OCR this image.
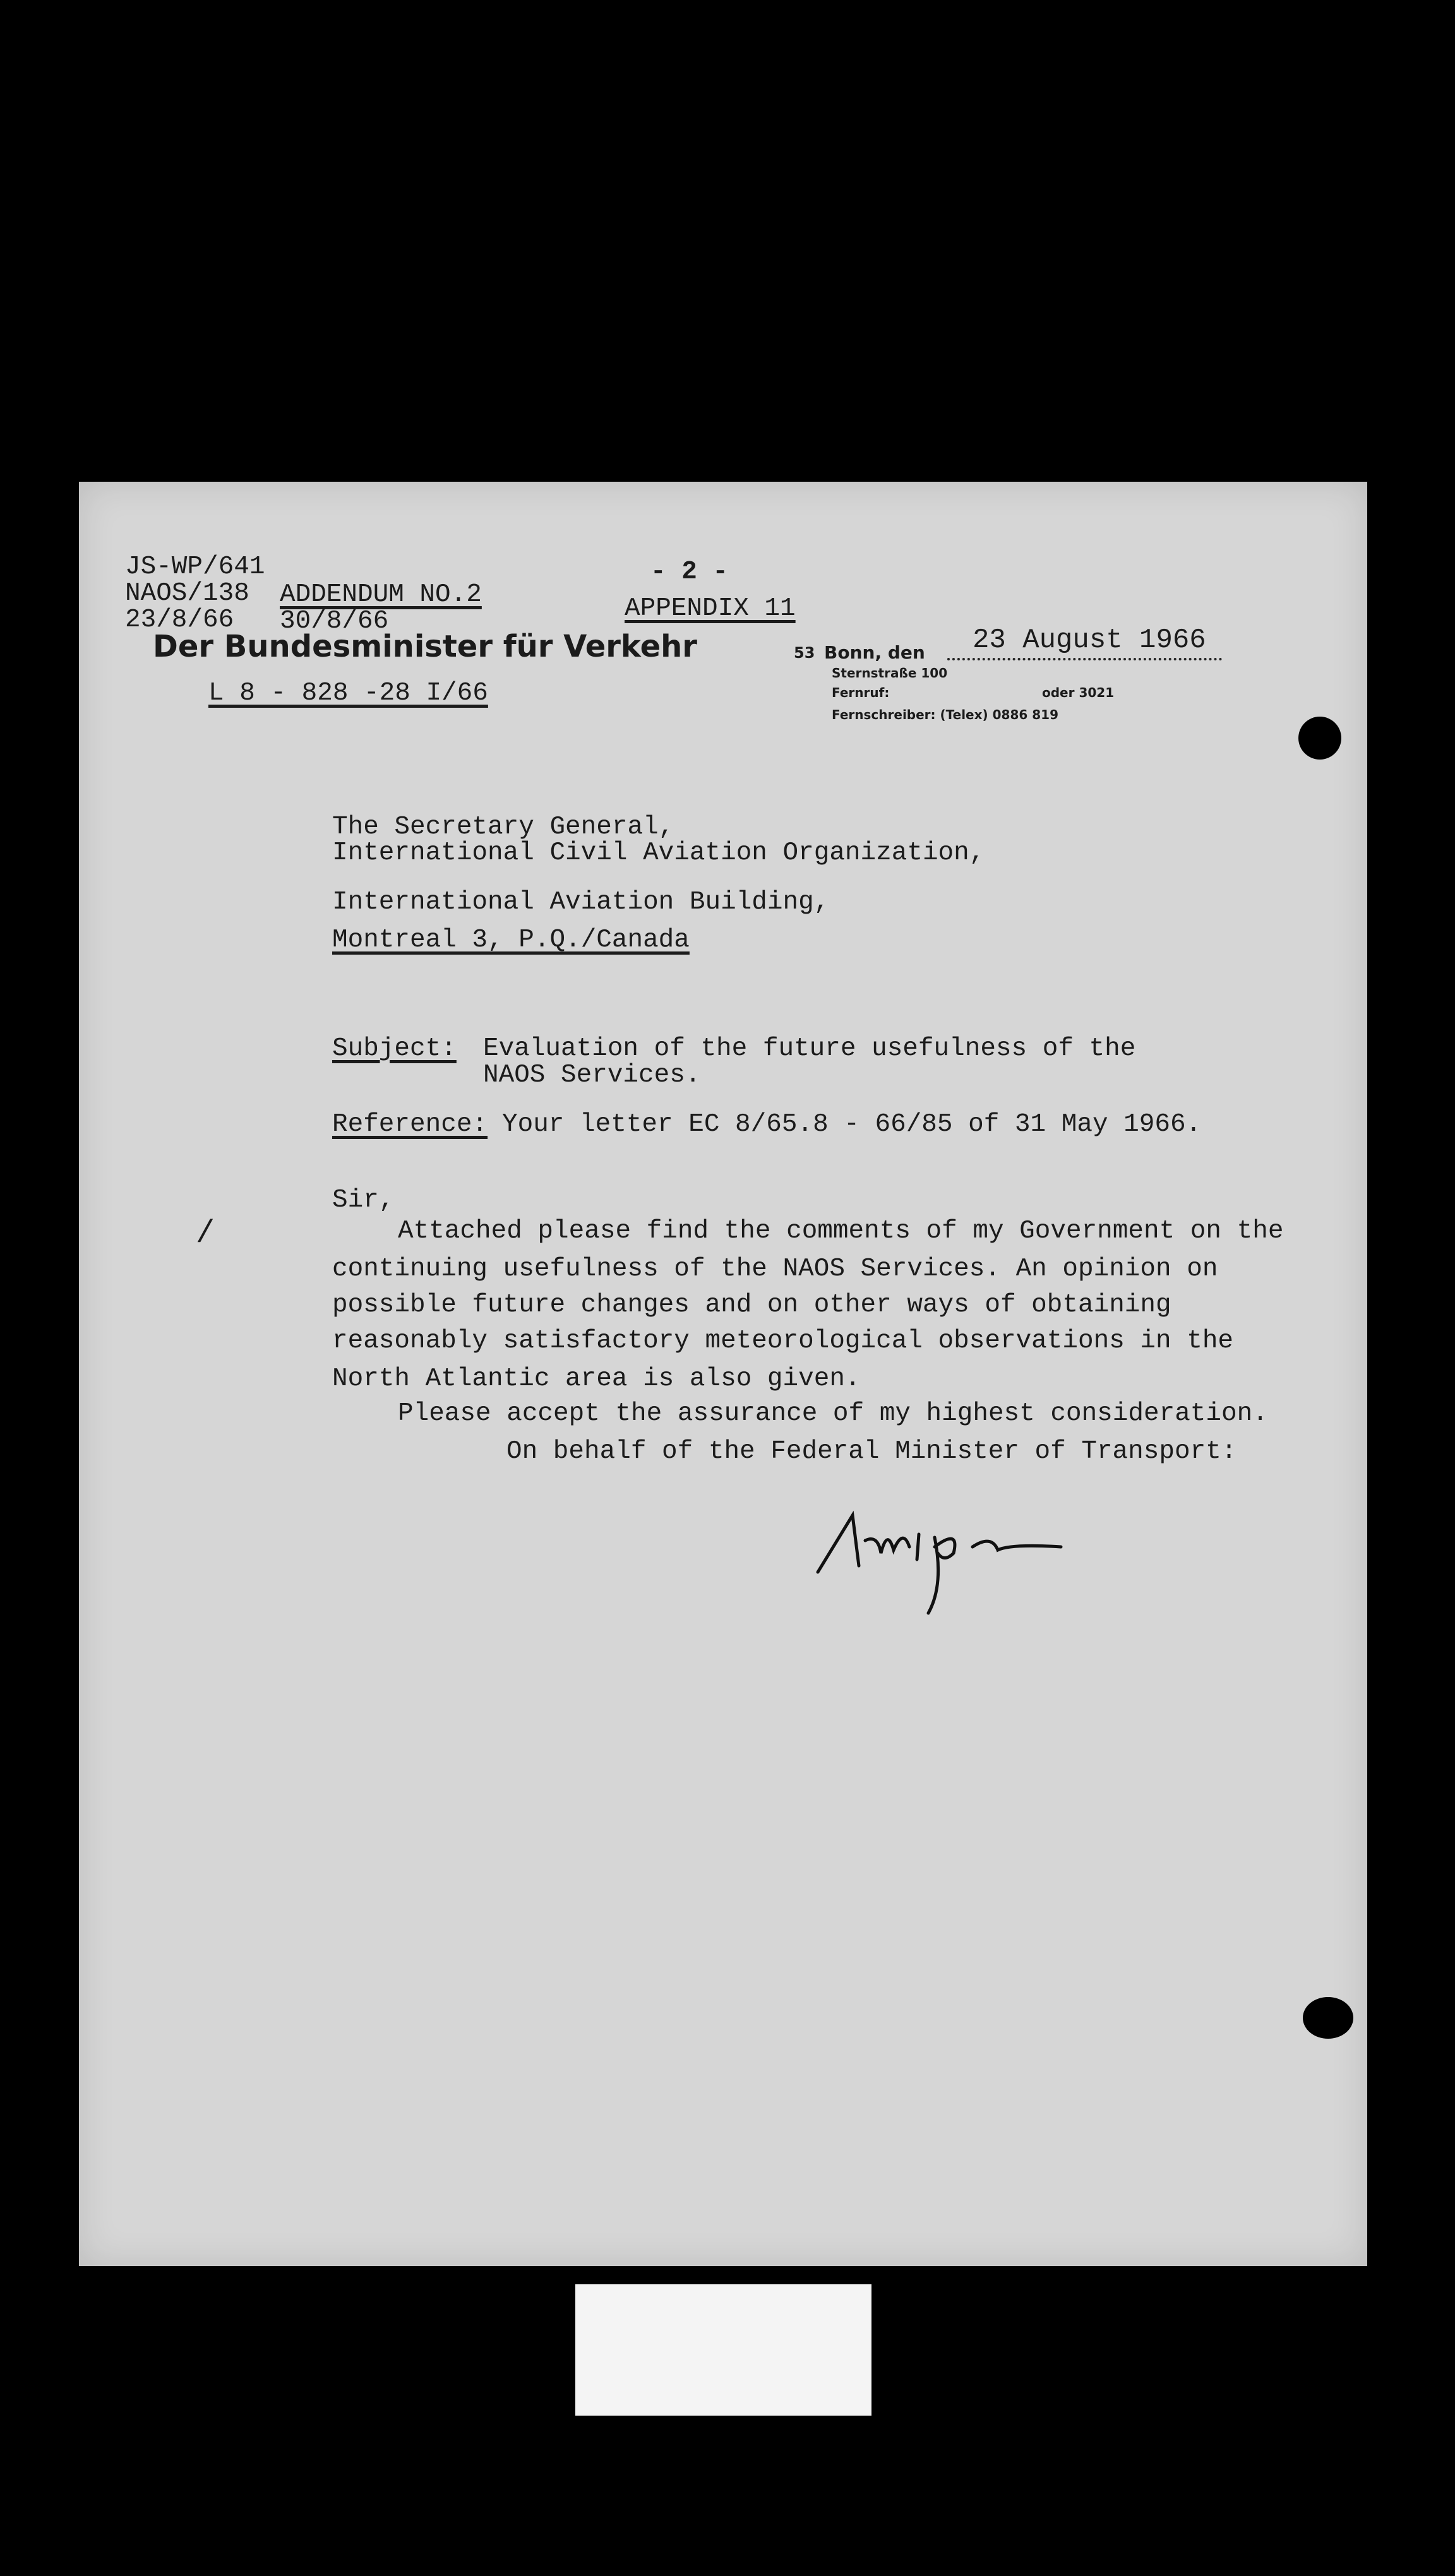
JS-WP/641
NAOS/138
23/8/66
ADDENDUM NO.2
30/8/66
- 2 -
APPENDIX 11
Der Bundesminister für Verkehr
L 8 - 828 -28 I/66
53 Bonn, den 23 August 1966
Sternstraße 100
Fernruf:	oder 3021
Fernschreiber: (Telex) 0886 819
The Secretary General,
International Civil Aviation Organization,
International Aviation Building,
Montreal 3, P.Q./Canada
Subject: Evaluation of the future usefulness of the
NAOS Services.
Reference: Your letter EC 8/65.8 - 66/85 of 31 May 1966.
Sir,
/	Attached please find the comments of my Government on the
continuing usefulness of the NAOS Services. An opinion on
possible future changes and on other ways of obtaining
reasonably satisfactory meteorological observations in the
North Atlantic area is also given.
Please accept the assurance of my highest consideration.
On behalf of the Federal Minister of Transport:
